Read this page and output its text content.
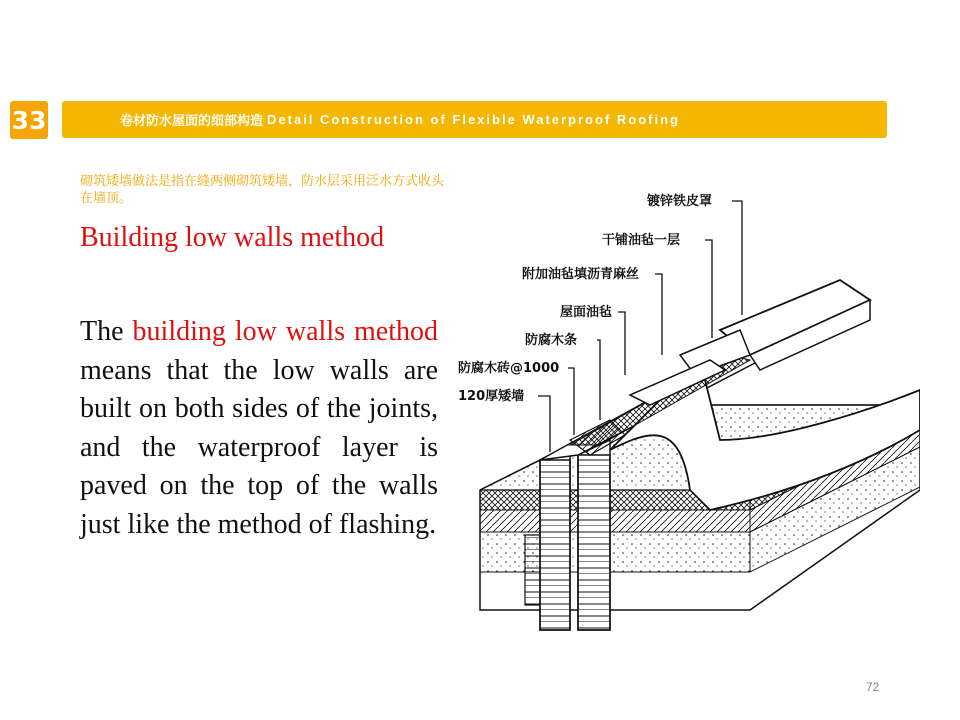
33	卷材防水屋面的细部构造 Detail Construction of Flexible Waterproof Roofing
砌筑矮墙做法是指在缝两侧砌筑矮墙，防水层采用泛水方式收头在墙顶。
Building low walls method
The building low walls method means that the low walls are built on both sides of the joints, and the waterproof layer is paved on the top of the walls just like the method of flashing.
镀锌铁皮罩
干铺油毡一层
附加油毡填沥青麻丝
屋面油毡
防腐木条
防腐木砖@1000
120厚矮墙
72
